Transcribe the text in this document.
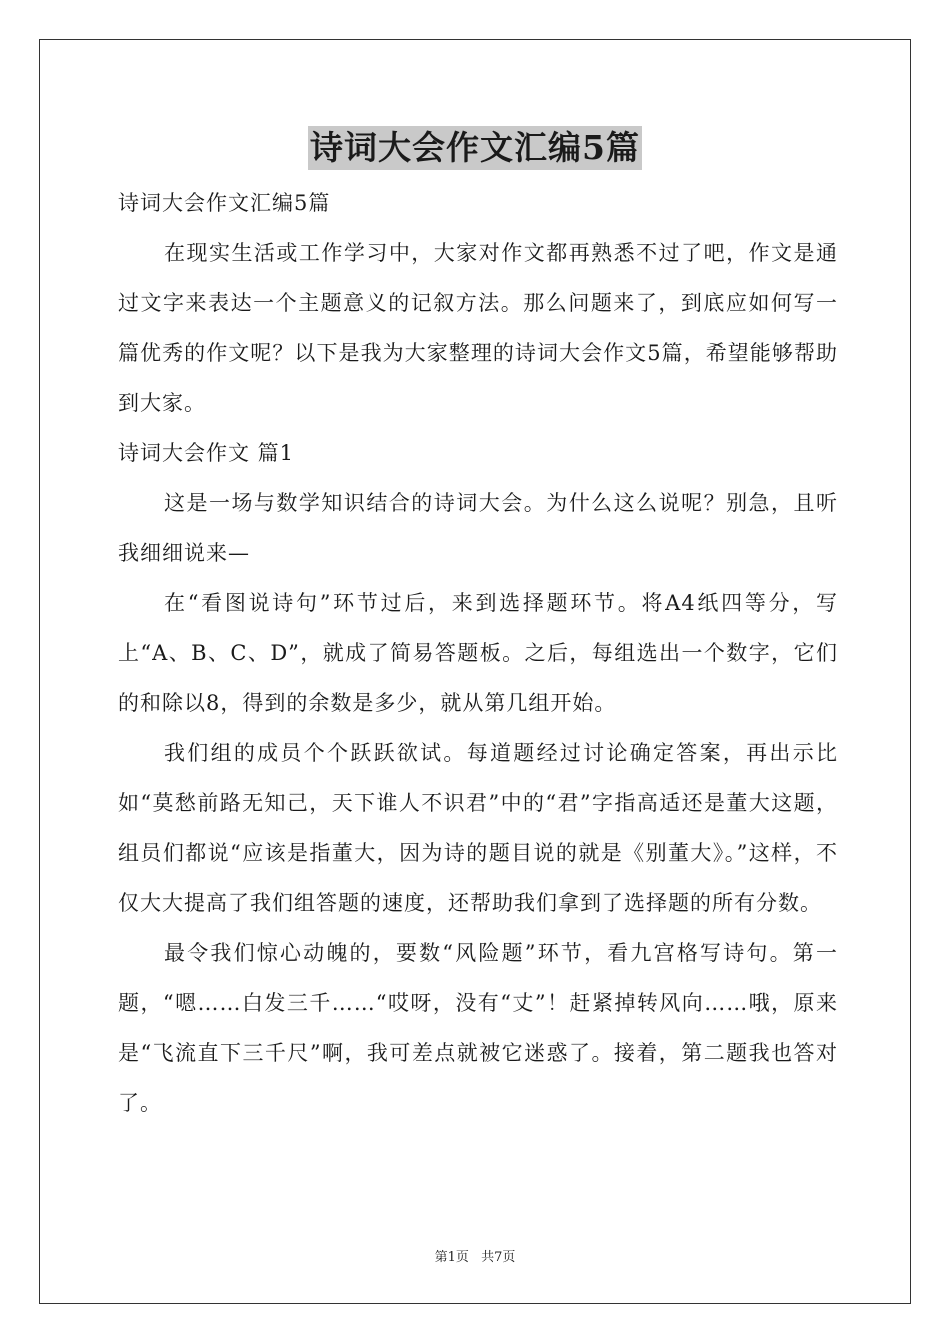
诗词大会作文汇编5篇

诗词大会作文汇编5篇

在现实生活或工作学习中，大家对作文都再熟悉不过了吧，作文是通过文字来表达一个主题意义的记叙方法。那么问题来了，到底应如何写一篇优秀的作文呢？以下是我为大家整理的诗词大会作文5篇，希望能够帮助到大家。

诗词大会作文 篇1

这是一场与数学知识结合的诗词大会。为什么这么说呢？别急，且听我细细说来—

在“看图说诗句”环节过后，来到选择题环节。将A4纸四等分，写上“A、B、C、D”，就成了简易答题板。之后，每组选出一个数字，它们的和除以8，得到的余数是多少，就从第几组开始。

我们组的成员个个跃跃欲试。每道题经过讨论确定答案，再出示比如“莫愁前路无知己，天下谁人不识君”中的“君”字指高适还是董大这题，组员们都说“应该是指董大，因为诗的题目说的就是《别董大》。”这样，不仅大大提高了我们组答题的速度，还帮助我们拿到了选择题的所有分数。

最令我们惊心动魄的，要数“风险题”环节，看九宫格写诗句。第一题，“嗯……白发三千……“哎呀，没有“丈”！赶紧掉转风向……哦，原来是“飞流直下三千尺”啊，我可差点就被它迷惑了。接着，第二题我也答对了。

第1页 共7页
